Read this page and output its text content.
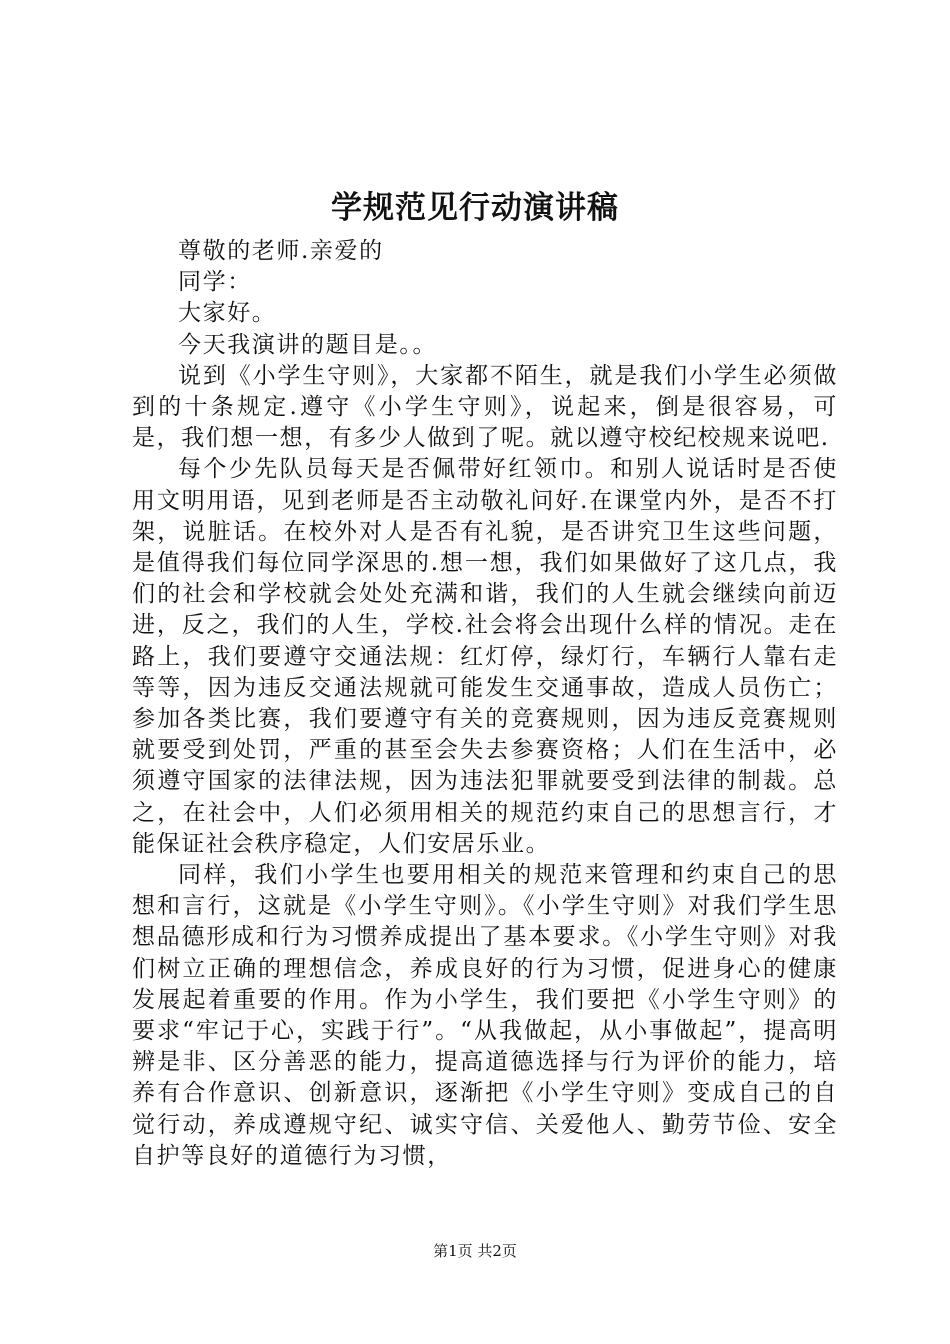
学规范见行动演讲稿

尊敬的老师.亲爱的

同学：

大家好。

今天我演讲的题目是。。

说到《小学生守则》，大家都不陌生，就是我们小学生必须做到的十条规定.遵守《小学生守则》，说起来，倒是很容易，可是，我们想一想，有多少人做到了呢。就以遵守校纪校规来说吧.

每个少先队员每天是否佩带好红领巾。和别人说话时是否使用文明用语，见到老师是否主动敬礼问好.在课堂内外，是否不打架，说脏话。在校外对人是否有礼貌，是否讲究卫生这些问题，是值得我们每位同学深思的.想一想，我们如果做好了这几点，我们的社会和学校就会处处充满和谐，我们的人生就会继续向前迈进，反之，我们的人生，学校.社会将会出现什么样的情况。走在路上，我们要遵守交通法规：红灯停，绿灯行，车辆行人靠右走等等，因为违反交通法规就可能发生交通事故，造成人员伤亡；参加各类比赛，我们要遵守有关的竞赛规则，因为违反竞赛规则就要受到处罚，严重的甚至会失去参赛资格；人们在生活中，必须遵守国家的法律法规，因为违法犯罪就要受到法律的制裁。总之，在社会中，人们必须用相关的规范约束自己的思想言行，才能保证社会秩序稳定，人们安居乐业。

同样，我们小学生也要用相关的规范来管理和约束自己的思想和言行，这就是《小学生守则》。《小学生守则》对我们学生思想品德形成和行为习惯养成提出了基本要求。《小学生守则》对我们树立正确的理想信念，养成良好的行为习惯，促进身心的健康发展起着重要的作用。作为小学生，我们要把《小学生守则》的要求“牢记于心，实践于行”。“从我做起，从小事做起”，提高明辨是非、区分善恶的能力，提高道德选择与行为评价的能力，培养有合作意识、创新意识，逐渐把《小学生守则》变成自己的自觉行动，养成遵规守纪、诚实守信、关爱他人、勤劳节俭、安全自护等良好的道德行为习惯，

第1页 共2页
